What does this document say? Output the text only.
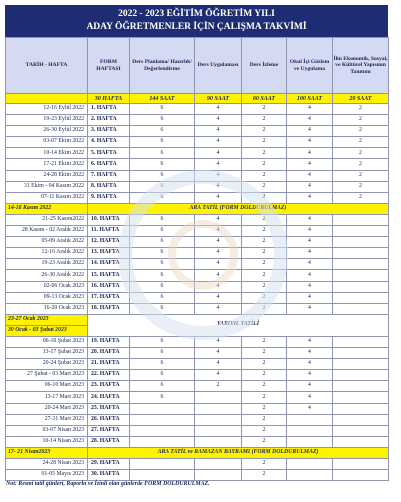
2022 - 2023 EĞİTİM ÖĞRETİM YILI
ADAY ÖĞRETMENLER İÇİN ÇALIŞMA TAKVİMİ
TARİH - HAFTA	FORM HAFTASI	Ders Planlama/ Hazırlık/ Değerlendirme	Ders Uygulaması	Ders İzleme	Okul İçi Gözlem ve Uygulama	İlin Ekonomik, Sosyal, ve Kültürel Yapısının Tanıtımı
	30 HAFTA	144 SAAT	90 SAAT	60 SAAT	100 SAAT	20 SAAT
12-16 Eylül 2022	1. HAFTA	6	4	2	4	2
19-23 Eylül 2022	2. HAFTA	6	4	2	4	2
26-30 Eylül 2022	3. HAFTA	6	4	2	4	2
03-07 Ekim 2022	4. HAFTA	6	4	2	4	2
10-14 Ekim 2022	5. HAFTA	6	4	2	4	2
17-21 Ekim 2022	6. HAFTA	6	4	2	4	2
24-28 Ekim 2022	7. HAFTA	6	4	2	4	2
31 Ekim - 04 Kasım 2022	8. HAFTA	6	4	2	4	2
07-11 Kasım 2022	9. HAFTA	6	4	2	4	2
14-18 Kasım 2022	ARA TATİL (FORM DOLDURULMAZ)					
21-25 Kasım2022	10. HAFTA	6	4	2	4	
28 Kasım - 02 Aralık 2022	11. HAFTA	6	4	2	4	
05-09 Aralık 2022	12. HAFTA	6	4	2	4	
12-16 Aralık 2022	13. HAFTA	6	4	2	4	
19-23 Aralık 2022	14. HAFTA	6	4	2	4	
26-30 Aralık 2022	15. HAFTA	6	4	2	4	
02-06 Ocak 2023	16. HAFTA	6	4	2	4	
09-13 Ocak 2023	17. HAFTA	6	4	2	4	
16-20 Ocak 2023	18. HAFTA	6	4	2	4	
23-27 Ocak 2023	YARIYIL TATİLİ					
30 Ocak - 03 Şubat 2023						
06-10 Şubat 2023	19. HAFTA	6	4	2	4	
13-17 Şubat 2023	20. HAFTA	6	4	2	4	
20-24 Şubat 2023	21. HAFTA	6	4	2	4	
27 Şubat - 03 Mart 2023	22. HAFTA	6	4	2	4	
06-10 Mart 2023	23. HAFTA	6	2	2	4	
13-17 Mart 2023	24. HAFTA	6		2	4	
20-24 Mart 2023	25. HAFTA			2	4	
27-31 Mart 2023	26. HAFTA			2		
03-07 Nisan 2023	27. HAFTA			2		
10-14 Nisan 2023	28. HAFTA			2		
17- 21 Nisan2023	ARA TATİL ve RAMAZAN BAYRAMI (FORM DOLDURULMAZ)					
24-28 Nisan 2023	29. HAFTA			2		
01-05 Mayıs 2023	30. HAFTA			2		
Not: Resmî tatil günleri, Raporlu ve İzinli olan günlerde FORM DOLDURULMAZ.
